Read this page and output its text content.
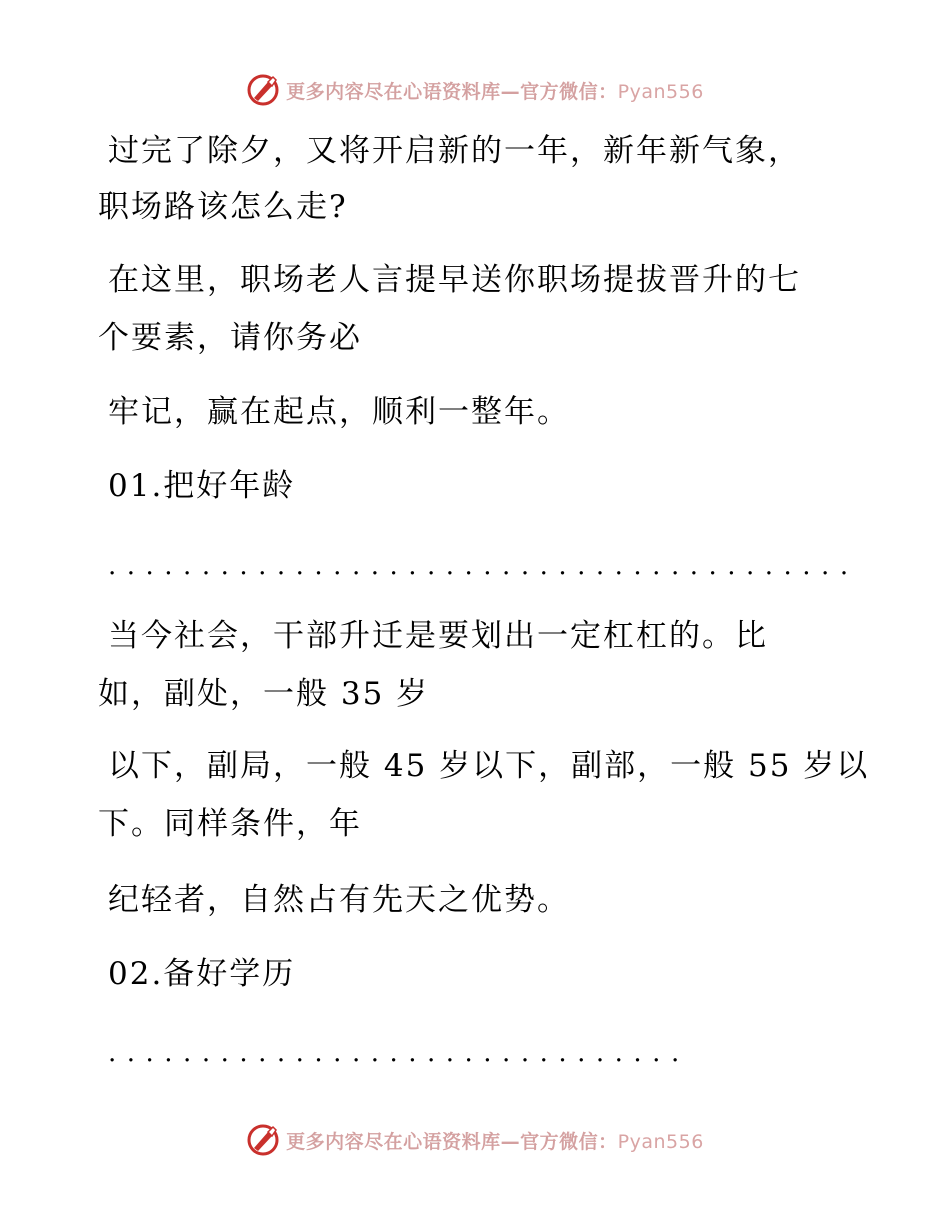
更多内容尽在心语资料库—官方微信：Pyan556
过完了除夕，又将开启新的一年，新年新气象，
职场路该怎么走?
在这里，职场老人言提早送你职场提拔晋升的七
个要素，请你务必
牢记，赢在起点，顺利一整年。
01.把好年龄
........................................
当今社会，干部升迁是要划出一定杠杠的。比
如，副处，一般 35 岁
以下，副局，一般 45 岁以下，副部，一般 55 岁以
下。同样条件，年
纪轻者，自然占有先天之优势。
02.备好学历
...............................
更多内容尽在心语资料库—官方微信：Pyan556
